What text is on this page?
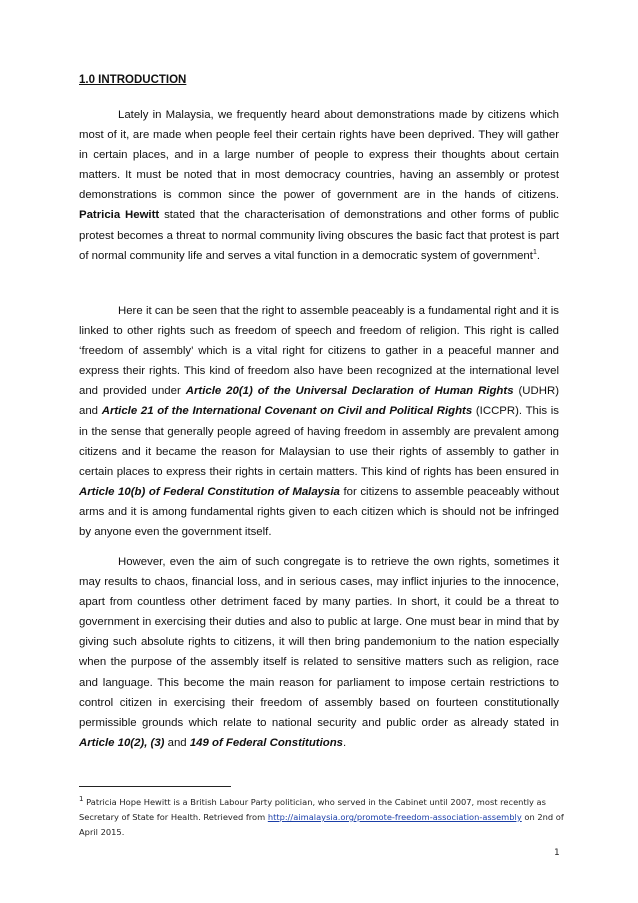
1.0 INTRODUCTION
Lately in Malaysia, we frequently heard about demonstrations made by citizens which most of it, are made when people feel their certain rights have been deprived. They will gather in certain places, and in a large number of people to express their thoughts about certain matters. It must be noted that in most democracy countries, having an assembly or protest demonstrations is common since the power of government are in the hands of citizens. Patricia Hewitt stated that the characterisation of demonstrations and other forms of public protest becomes a threat to normal community living obscures the basic fact that protest is part of normal community life and serves a vital function in a democratic system of government$^1$.
Here it can be seen that the right to assemble peaceably is a fundamental right and it is linked to other rights such as freedom of speech and freedom of religion. This right is called ‘freedom of assembly’ which is a vital right for citizens to gather in a peaceful manner and express their rights. This kind of freedom also have been recognized at the international level and provided under Article 20(1) of the Universal Declaration of Human Rights (UDHR) and Article 21 of the International Covenant on Civil and Political Rights (ICCPR). This is in the sense that generally people agreed of having freedom in assembly are prevalent among citizens and it became the reason for Malaysian to use their rights of assembly to gather in certain places to express their rights in certain matters. This kind of rights has been ensured in Article 10(b) of Federal Constitution of Malaysia for citizens to assemble peaceably without arms and it is among fundamental rights given to each citizen which is should not be infringed by anyone even the government itself.
However, even the aim of such congregate is to retrieve the own rights, sometimes it may results to chaos, financial loss, and in serious cases, may inflict injuries to the innocence, apart from countless other detriment faced by many parties. In short, it could be a threat to government in exercising their duties and also to public at large. One must bear in mind that by giving such absolute rights to citizens, it will then bring pandemonium to the nation especially when the purpose of the assembly itself is related to sensitive matters such as religion, race and language. This become the main reason for parliament to impose certain restrictions to control citizen in exercising their freedom of assembly based on fourteen constitutionally permissible grounds which relate to national security and public order as already stated in Article 10(2), (3) and 149 of Federal Constitutions.
$^1$ Patricia Hope Hewitt is a British Labour Party politician, who served in the Cabinet until 2007, most recently as Secretary of State for Health. Retrieved from http://aimalaysia.org/promote-freedom-association-assembly on 2nd of April 2015.
1
